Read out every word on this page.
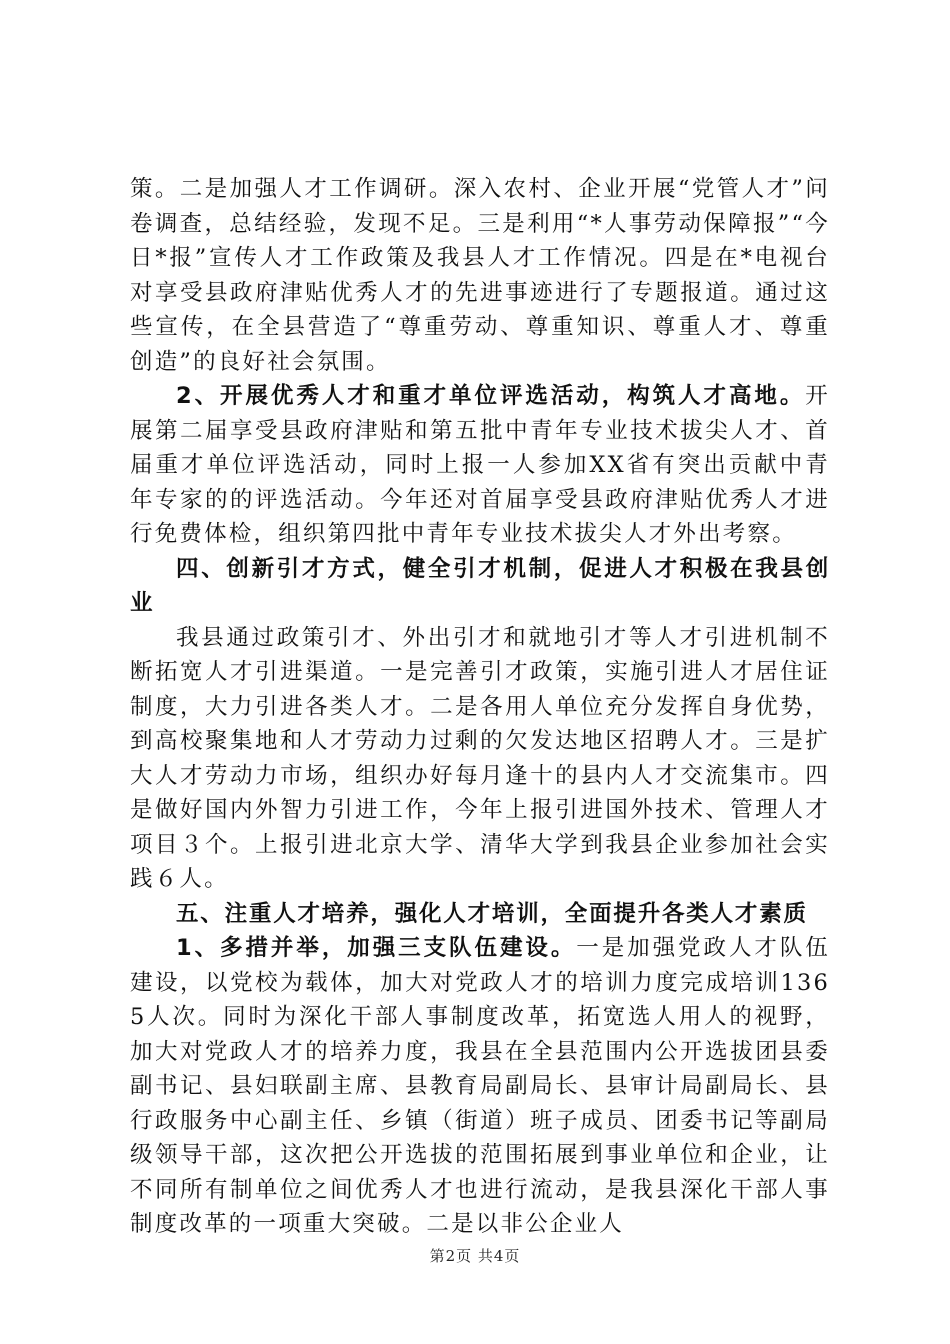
策。二是加强人才工作调研。深入农村、企业开展“党管人才”问卷调查，总结经验，发现不足。三是利用“*人事劳动保障报”“今日*报”宣传人才工作政策及我县人才工作情况。四是在*电视台对享受县政府津贴优秀人才的先进事迹进行了专题报道。通过这些宣传，在全县营造了“尊重劳动、尊重知识、尊重人才、尊重创造”的良好社会氛围。

2、开展优秀人才和重才单位评选活动，构筑人才高地。开展第二届享受县政府津贴和第五批中青年专业技术拔尖人才、首届重才单位评选活动，同时上报一人参加XX省有突出贡献中青年专家的的评选活动。今年还对首届享受县政府津贴优秀人才进行免费体检，组织第四批中青年专业技术拔尖人才外出考察。

四、创新引才方式，健全引才机制，促进人才积极在我县创业

我县通过政策引才、外出引才和就地引才等人才引进机制不断拓宽人才引进渠道。一是完善引才政策，实施引进人才居住证制度，大力引进各类人才。二是各用人单位充分发挥自身优势，到高校聚集地和人才劳动力过剩的欠发达地区招聘人才。三是扩大人才劳动力市场，组织办好每月逢十的县内人才交流集市。四是做好国内外智力引进工作，今年上报引进国外技术、管理人才项目３个。上报引进北京大学、清华大学到我县企业参加社会实践６人。

五、注重人才培养，强化人才培训，全面提升各类人才素质

1、多措并举，加强三支队伍建设。一是加强党政人才队伍建设，以党校为载体，加大对党政人才的培训力度完成培训1365人次。同时为深化干部人事制度改革，拓宽选人用人的视野，加大对党政人才的培养力度，我县在全县范围内公开选拔团县委副书记、县妇联副主席、县教育局副局长、县审计局副局长、县行政服务中心副主任、乡镇（街道）班子成员、团委书记等副局级领导干部，这次把公开选拔的范围拓展到事业单位和企业，让不同所有制单位之间优秀人才也进行流动，是我县深化干部人事制度改革的一项重大突破。二是以非公企业人

第2页 共4页
